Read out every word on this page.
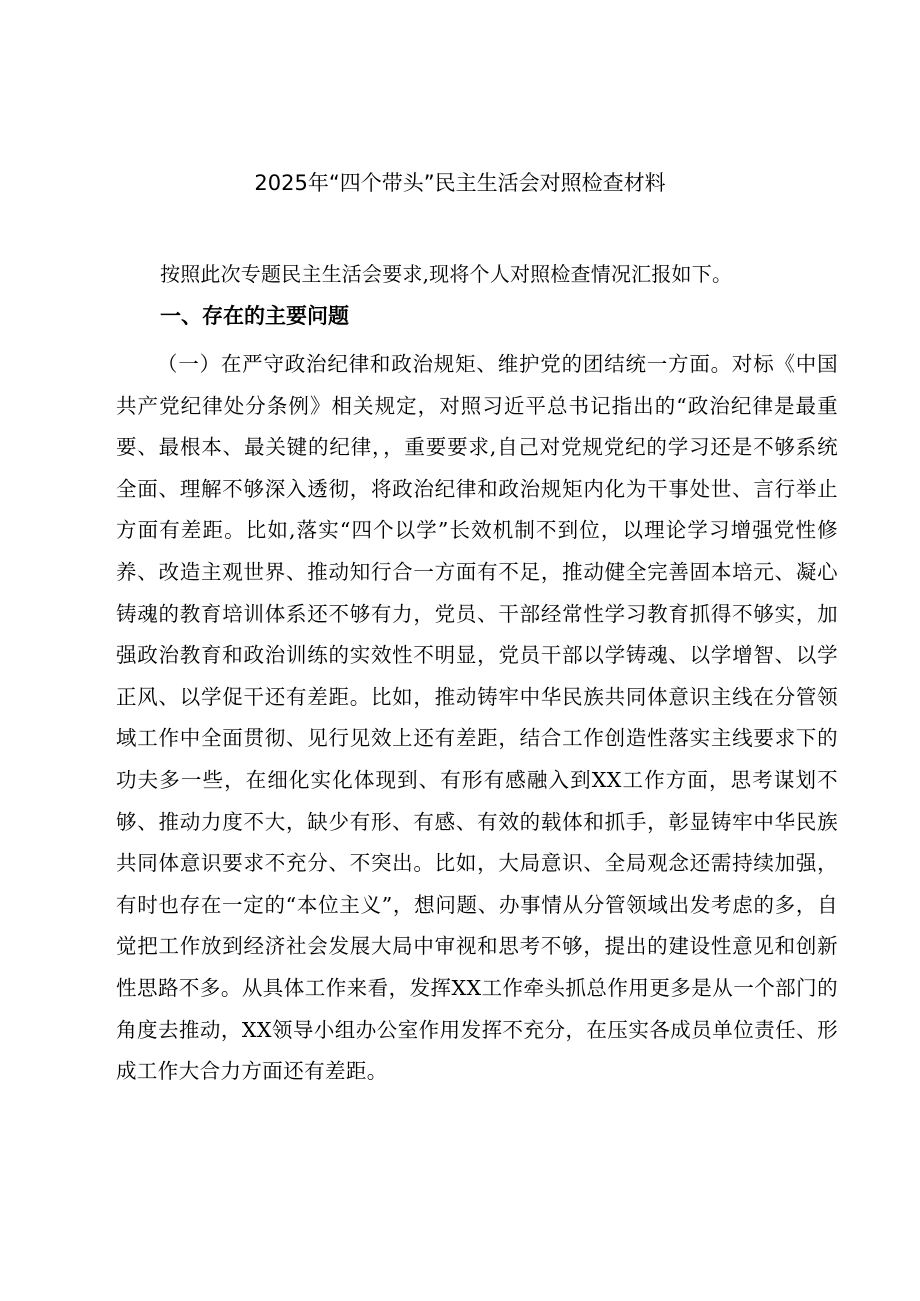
2025年“四个带头”民主生活会对照检查材料
按照此次专题民主生活会要求,现将个人对照检查情况汇报如下。
一、存在的主要问题
（一）在严守政治纪律和政治规矩、维护党的团结统一方面。对标《中国共产党纪律处分条例》相关规定，对照习近平总书记指出的“政治纪律是最重要、最根本、最关键的纪律，，重要要求,自己对党规党纪的学习还是不够系统全面、理解不够深入透彻，将政治纪律和政治规矩内化为干事处世、言行举止方面有差距。比如,落实“四个以学”长效机制不到位，以理论学习增强党性修养、改造主观世界、推动知行合一方面有不足，推动健全完善固本培元、凝心铸魂的教育培训体系还不够有力，党员、干部经常性学习教育抓得不够实，加强政治教育和政治训练的实效性不明显，党员干部以学铸魂、以学增智、以学正风、以学促干还有差距。比如，推动铸牢中华民族共同体意识主线在分管领域工作中全面贯彻、见行见效上还有差距，结合工作创造性落实主线要求下的功夫多一些，在细化实化体现到、有形有感融入到XX工作方面，思考谋划不够、推动力度不大，缺少有形、有感、有效的载体和抓手，彰显铸牢中华民族共同体意识要求不充分、不突出。比如，大局意识、全局观念还需持续加强，有时也存在一定的“本位主义”，想问题、办事情从分管领域出发考虑的多，自觉把工作放到经济社会发展大局中审视和思考不够，提出的建设性意见和创新性思路不多。从具体工作来看，发挥XX工作牵头抓总作用更多是从一个部门的角度去推动，XX领导小组办公室作用发挥不充分，在压实各成员单位责任、形成工作大合力方面还有差距。
